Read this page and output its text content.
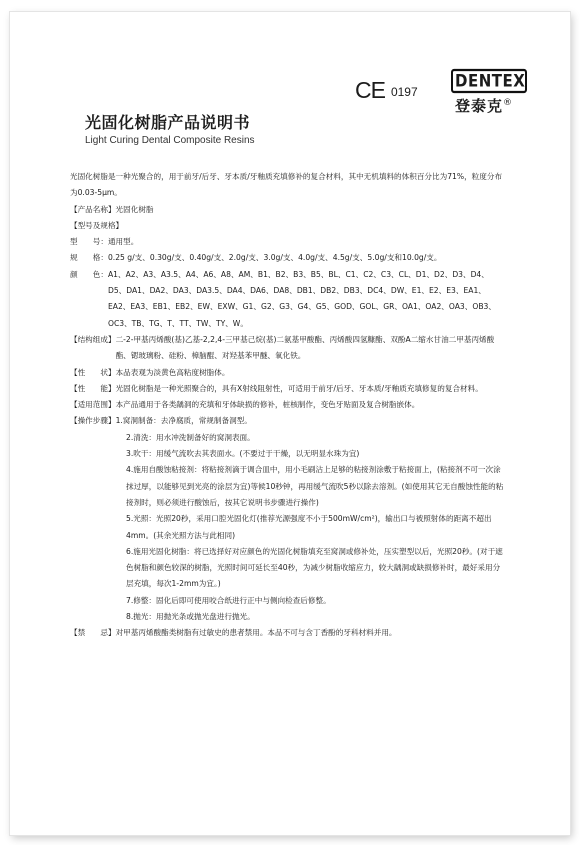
CE 0197
DENTEX
登泰克®
光固化树脂产品说明书
Light Curing Dental Composite Resins

光固化树脂是一种光聚合的，用于前牙/后牙、牙本质/牙釉质充填修补的复合材料，其中无机填料的体积百分比为71%，粒度分布为0.03-5μm。

【产品名称】光固化树脂

【型号及规格】

型　　号： 通用型。
规　　格： 0.25 g/支、0.30g/支、0.40g/支、2.0g/支、3.0g/支、4.0g/支、4.5g/支、5.0g/支和10.0g/支。
颜　　色： A1、A2、A3、A3.5、A4、A6、A8、AM、B1、B2、B3、B5、BL、C1、C2、C3、CL、D1、D2、D3、D4、D5、DA1、DA2、DA3、DA3.5、DA4、DA6、DA8、DB1、DB2、DB3、DC4、DW、E1、E2、E3、EA1、EA2、EA3、EB1、EB2、EW、EXW、G1、G2、G3、G4、G5、GOD、GOL、GR、OA1、OA2、OA3、OB3、OC3、TB、TG、T、TT、TW、TY、W。
【结构组成】 二-2-甲基丙烯酸(基)乙基-2,2,4-三甲基己烷(基)二氨基甲酸酯、丙烯酸四氢糠酯、双酚A二缩水甘油二甲基丙烯酸酯、锶玻璃粉、硅粉、樟脑醌、对羟基苯甲醚、氧化铁。
【性　　状】 本品表观为淡黄色高粘度树脂体。
【性　　能】 光固化树脂是一种光照聚合的，具有X射线阻射性，可适用于前牙/后牙、牙本质/牙釉质充填修复的复合材料。
【适用范围】 本产品通用于各类龋洞的充填和牙体缺损的修补，桩核制作，变色牙贴面及复合树脂嵌体。
【操作步骤】 1.窝洞制备：去净腐质，常规制备洞型。
2.清洗：用水冲洗制备好的窝洞表面。
3.吹干：用缓气流吹去其表面水。(不要过于干燥，以无明显水珠为宜)
4.施用自酸蚀粘接剂：将粘接剂滴于调合皿中，用小毛刷沾上足够的粘接剂涂敷于粘接面上，(粘接剂不可一次涂抹过厚，以能够见到光亮的涂层为宜)等候10秒钟，再用缓气流吹5秒以除去溶剂。(如使用其它无自酸蚀性能的粘接剂时，则必须进行酸蚀后，按其它说明书步骤进行操作)
5.光照：光照20秒，采用口腔光固化灯(推荐光源强度不小于500mW/cm²)，输出口与被照射体的距离不超出4mm。(其余光照方法与此相同)
6.施用光固化树脂：将已选择好对应颜色的光固化树脂填充至窝洞或修补处，压实塑型以后，光照20秒。(对于遮色树脂和颜色较深的树脂，光照时间可延长至40秒，为减少树脂收缩应力，较大龋洞或缺损修补时，最好采用分层充填，每次1-2mm为宜。)
7.修整：固化后即可使用咬合纸进行正中与侧向检查后修整。
8.抛光：用抛光条或抛光盘进行抛光。
【禁　　忌】 对甲基丙烯酸酯类树脂有过敏史的患者禁用。本品不可与含丁香酚的牙科材料并用。
